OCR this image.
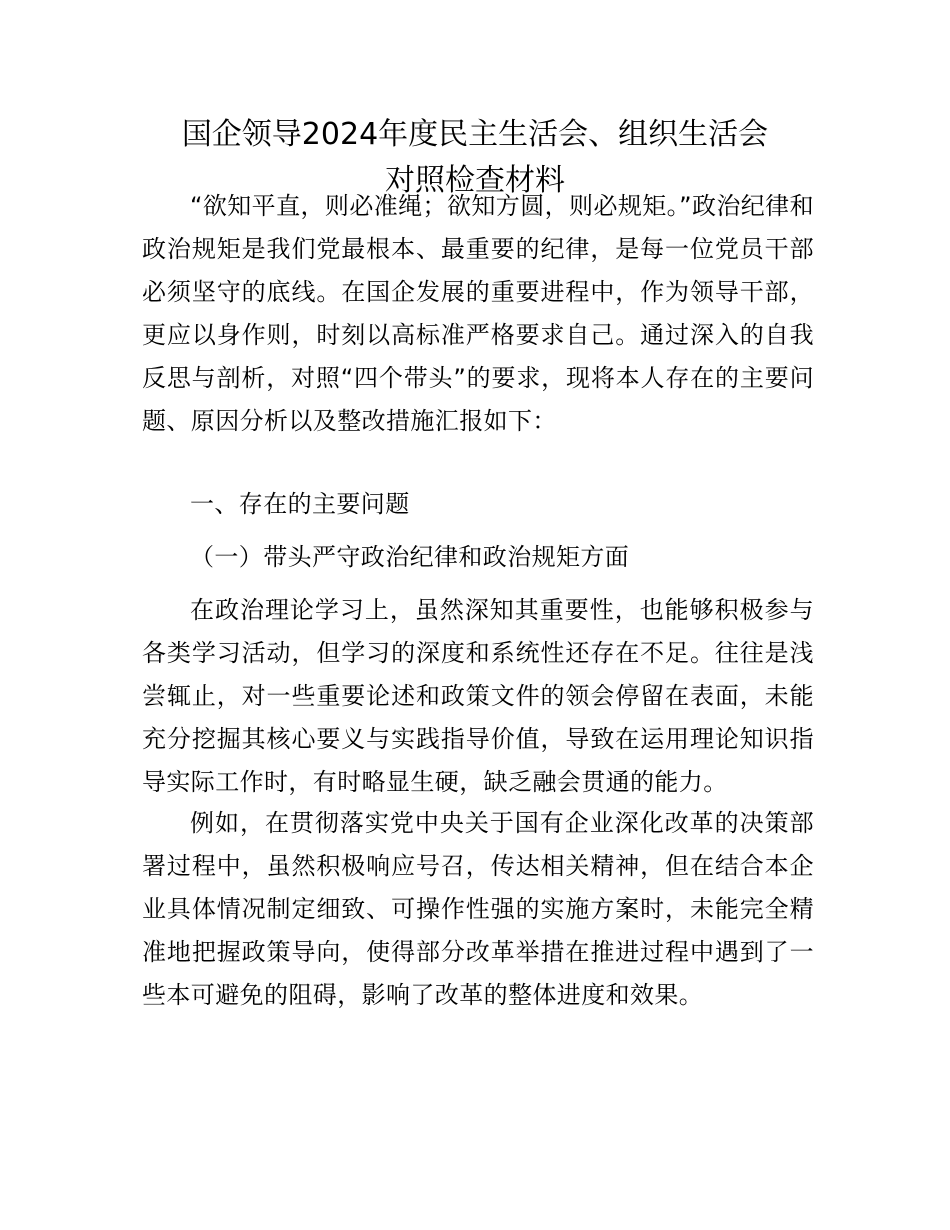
国企领导2024年度民主生活会、组织生活会
对照检查材料

“欲知平直，则必准绳；欲知方圆，则必规矩。”政治纪律和政治规矩是我们党最根本、最重要的纪律，是每一位党员干部必须坚守的底线。在国企发展的重要进程中，作为领导干部，更应以身作则，时刻以高标准严格要求自己。通过深入的自我反思与剖析，对照“四个带头”的要求，现将本人存在的主要问题、原因分析以及整改措施汇报如下：

一、存在的主要问题

（一）带头严守政治纪律和政治规矩方面

在政治理论学习上，虽然深知其重要性，也能够积极参与各类学习活动，但学习的深度和系统性还存在不足。往往是浅尝辄止，对一些重要论述和政策文件的领会停留在表面，未能充分挖掘其核心要义与实践指导价值，导致在运用理论知识指导实际工作时，有时略显生硬，缺乏融会贯通的能力。

例如，在贯彻落实党中央关于国有企业深化改革的决策部署过程中，虽然积极响应号召，传达相关精神，但在结合本企业具体情况制定细致、可操作性强的实施方案时，未能完全精准地把握政策导向，使得部分改革举措在推进过程中遇到了一些本可避免的阻碍，影响了改革的整体进度和效果。
